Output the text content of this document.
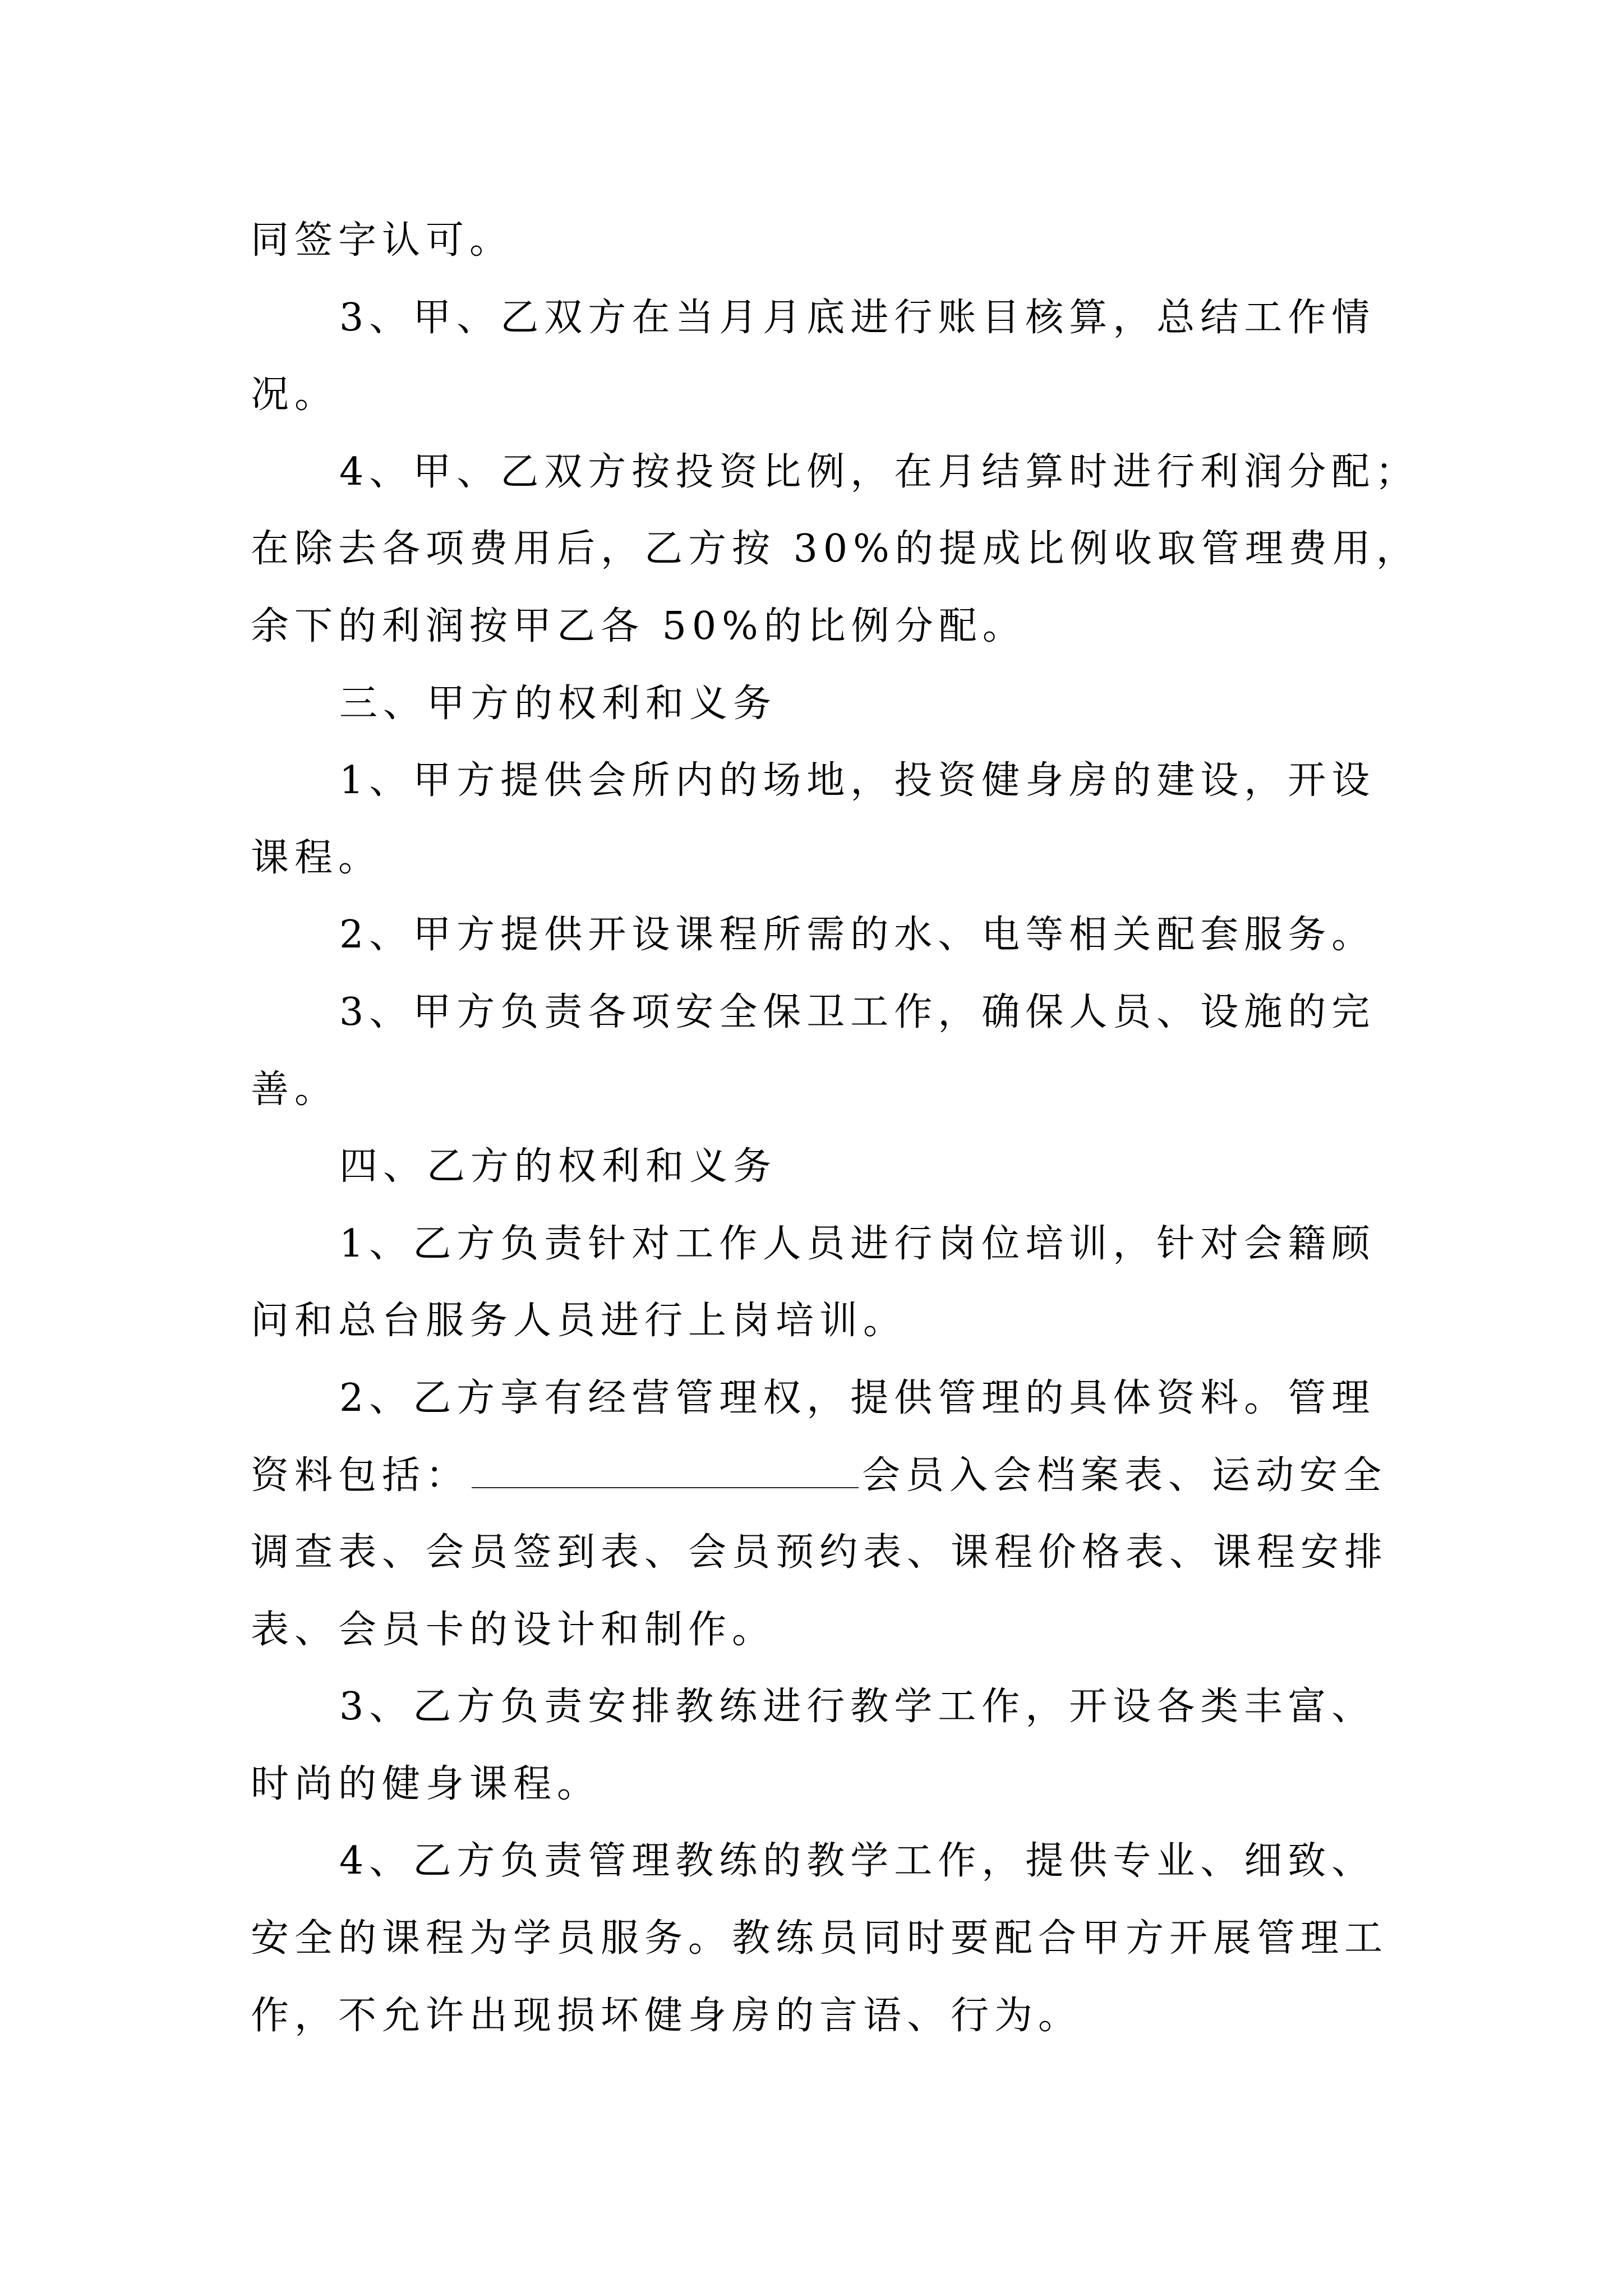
同签字认可。
3、甲、乙双方在当月月底进行账目核算，总结工作情
况。
4、甲、乙双方按投资比例，在月结算时进行利润分配；
在除去各项费用后，乙方按 30%的提成比例收取管理费用，
余下的利润按甲乙各 50%的比例分配。
三、甲方的权利和义务
1、甲方提供会所内的场地，投资健身房的建设，开设
课程。
2、甲方提供开设课程所需的水、电等相关配套服务。
3、甲方负责各项安全保卫工作，确保人员、设施的完
善。
四、乙方的权利和义务
1、乙方负责针对工作人员进行岗位培训，针对会籍顾
问和总台服务人员进行上岗培训。
2、乙方享有经营管理权，提供管理的具体资料。管理
资料包括：	会员入会档案表、运动安全
调查表、会员签到表、会员预约表、课程价格表、课程安排
表、会员卡的设计和制作。
3、乙方负责安排教练进行教学工作，开设各类丰富、
时尚的健身课程。
4、乙方负责管理教练的教学工作，提供专业、细致、
安全的课程为学员服务。教练员同时要配合甲方开展管理工
作，不允许出现损坏健身房的言语、行为。
